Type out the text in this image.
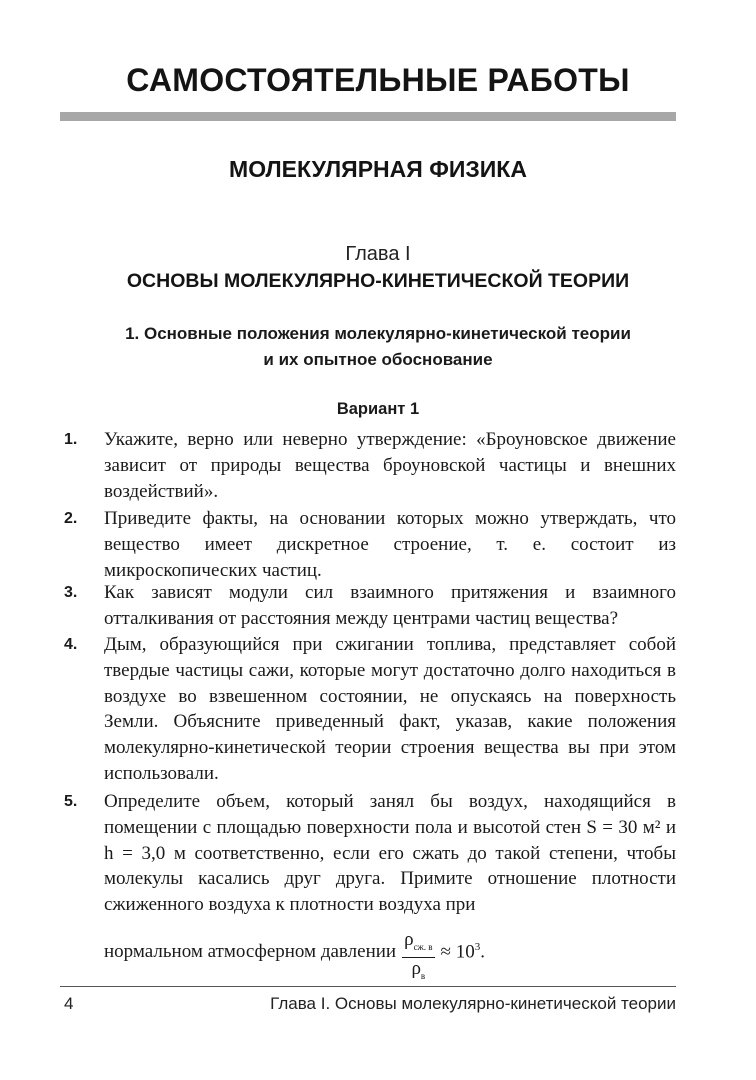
САМОСТОЯТЕЛЬНЫЕ РАБОТЫ
МОЛЕКУЛЯРНАЯ ФИЗИКА
Глава I
ОСНОВЫ МОЛЕКУЛЯРНО-КИНЕТИЧЕСКОЙ ТЕОРИИ
1. Основные положения молекулярно-кинетической теории
и их опытное обоснование
Вариант 1
1. Укажите, верно или неверно утверждение: «Броуновское движение зависит от природы вещества броуновской частицы и внешних воздействий».
2. Приведите факты, на основании которых можно утверждать, что вещество имеет дискретное строение, т. е. состоит из микроскопических частиц.
3. Как зависят модули сил взаимного притяжения и взаимного отталкивания от расстояния между центрами частиц вещества?
4. Дым, образующийся при сжигании топлива, представляет собой твердые частицы сажи, которые могут достаточно долго находиться в воздухе во взвешенном состоянии, не опускаясь на поверхность Земли. Объясните приведенный факт, указав, какие положения молекулярно-кинетической теории строения вещества вы при этом использовали.
5. Определите объем, который занял бы воздух, находящийся в помещении с площадью поверхности пола и высотой стен S = 30 м² и h = 3,0 м соответственно, если его сжать до такой степени, чтобы молекулы касались друг друга. Примите отношение плотности сжиженного воздуха к плотности воздуха при
нормальном атмосферном давлении $\frac{\rho_{сж. в}}{\rho_в} \approx 10^3$.
4	Глава I. Основы молекулярно-кинетической теории
